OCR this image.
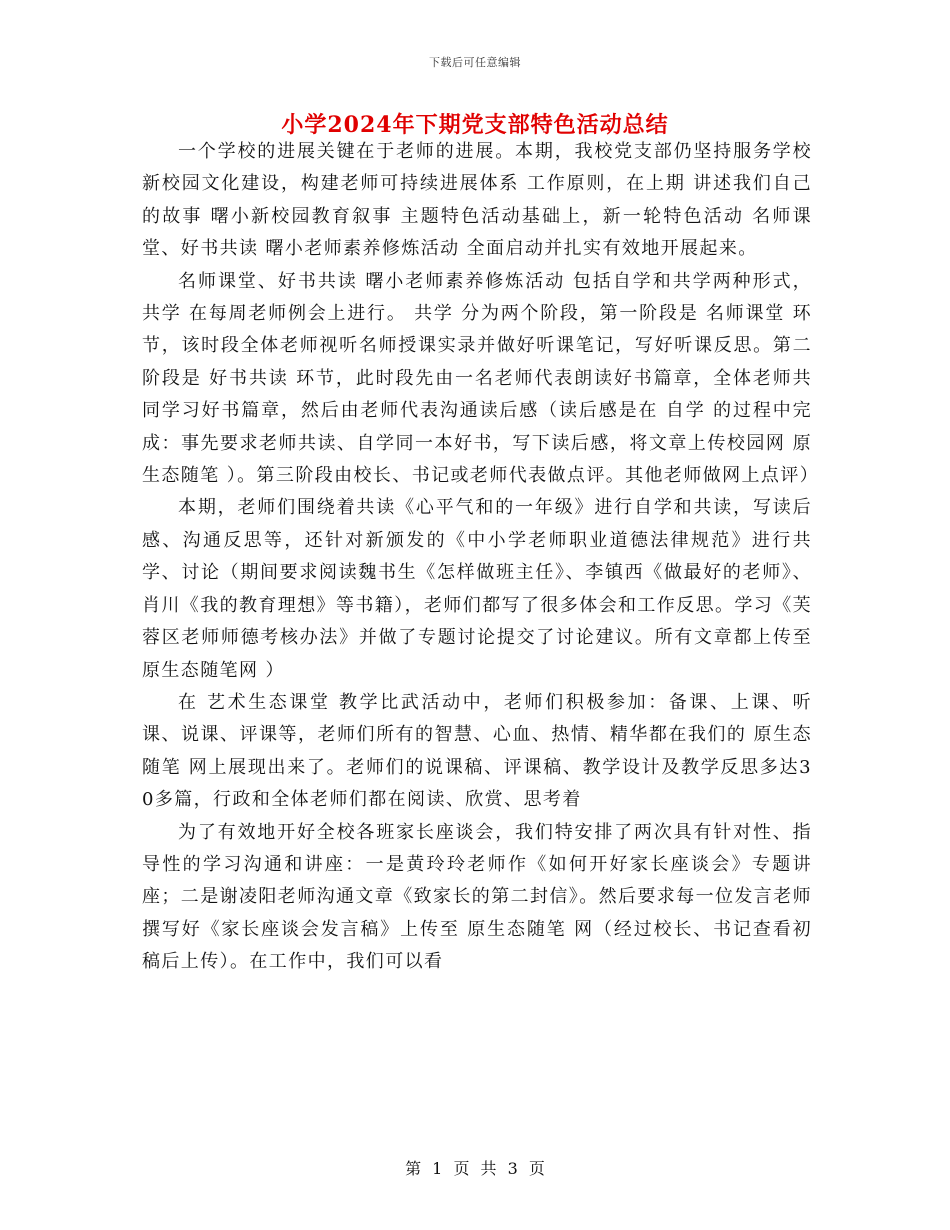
下载后可任意编辑
小学2024年下期党支部特色活动总结

一个学校的进展关键在于老师的进展。本期，我校党支部仍坚持服务学校新校园文化建设，构建老师可持续进展体系 工作原则，在上期 讲述我们自己的故事 曙小新校园教育叙事 主题特色活动基础上，新一轮特色活动 名师课堂、好书共读 曙小老师素养修炼活动 全面启动并扎实有效地开展起来。

名师课堂、好书共读 曙小老师素养修炼活动 包括自学和共学两种形式， 共学 在每周老师例会上进行。 共学 分为两个阶段，第一阶段是 名师课堂 环节，该时段全体老师视听名师授课实录并做好听课笔记，写好听课反思。第二阶段是 好书共读 环节，此时段先由一名老师代表朗读好书篇章，全体老师共同学习好书篇章，然后由老师代表沟通读后感（读后感是在 自学 的过程中完成：事先要求老师共读、自学同一本好书，写下读后感，将文章上传校园网 原生态随笔 ）。第三阶段由校长、书记或老师代表做点评。其他老师做网上点评）

本期，老师们围绕着共读《心平气和的一年级》进行自学和共读，写读后感、沟通反思等，还针对新颁发的《中小学老师职业道德法律规范》进行共学、讨论（期间要求阅读魏书生《怎样做班主任》、李镇西《做最好的老师》、肖川《我的教育理想》等书籍），老师们都写了很多体会和工作反思。学习《芙蓉区老师师德考核办法》并做了专题讨论提交了讨论建议。所有文章都上传至 原生态随笔网 ）

在 艺术生态课堂 教学比武活动中，老师们积极参加：备课、上课、听课、说课、评课等，老师们所有的智慧、心血、热情、精华都在我们的 原生态随笔 网上展现出来了。老师们的说课稿、评课稿、教学设计及教学反思多达30多篇，行政和全体老师们都在阅读、欣赏、思考着

为了有效地开好全校各班家长座谈会，我们特安排了两次具有针对性、指导性的学习沟通和讲座：一是黄玲玲老师作《如何开好家长座谈会》专题讲座；二是谢凌阳老师沟通文章《致家长的第二封信》。然后要求每一位发言老师撰写好《家长座谈会发言稿》上传至 原生态随笔 网（经过校长、书记查看初稿后上传）。在工作中，我们可以看

第 1 页 共 3 页
